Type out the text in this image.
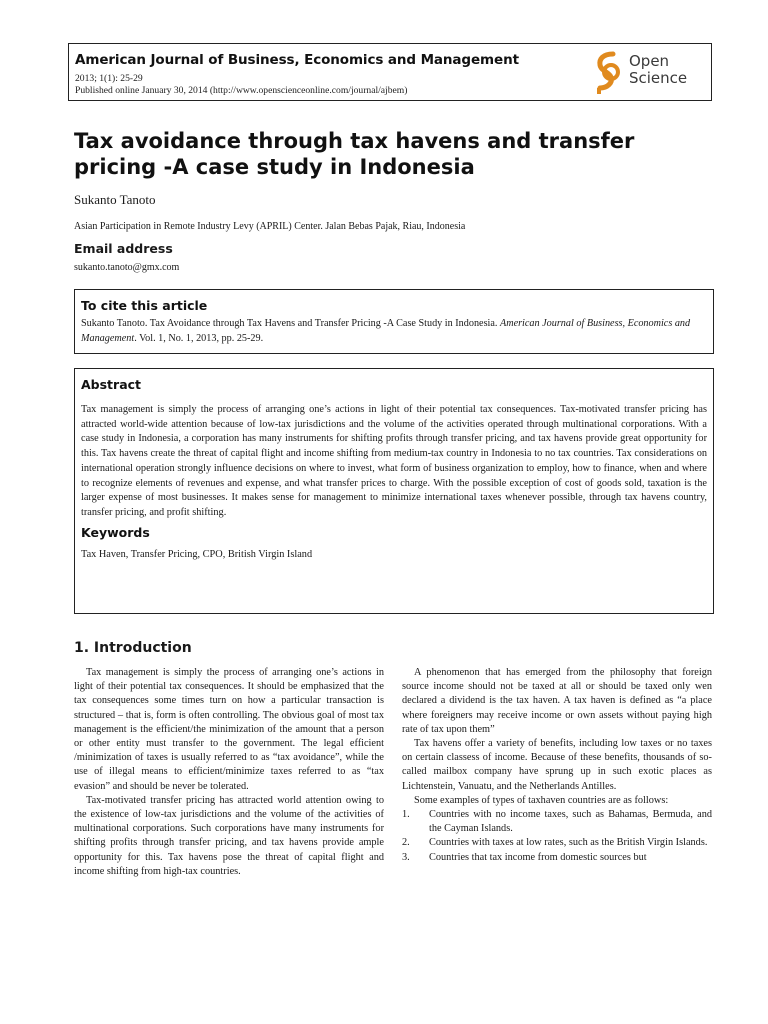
American Journal of Business, Economics and Management
2013; 1(1): 25-29
Published online January 30, 2014 (http://www.openscienceonline.com/journal/ajbem)
Open
Science
Tax avoidance through tax havens and transfer pricing -A case study in Indonesia
Sukanto Tanoto
Asian Participation in Remote Industry Levy (APRIL) Center. Jalan Bebas Pajak, Riau, Indonesia
Email address
sukanto.tanoto@gmx.com
To cite this article
Sukanto Tanoto. Tax Avoidance through Tax Havens and Transfer Pricing -A Case Study in Indonesia. American Journal of Business, Economics and Management. Vol. 1, No. 1, 2013, pp. 25-29.
Abstract
Tax management is simply the process of arranging one’s actions in light of their potential tax consequences. Tax-motivated transfer pricing has attracted world-wide attention because of low-tax jurisdictions and the volume of the activities operated through multinational corporations. With a case study in Indonesia, a corporation has many instruments for shifting profits through transfer pricing, and tax havens provide great opportunity for this. Tax havens create the threat of capital flight and income shifting from medium-tax country in Indonesia to no tax countries. Tax considerations on international operation strongly influence decisions on where to invest, what form of business organization to employ, how to finance, when and where to recognize elements of revenues and expense, and what transfer prices to charge. With the possible exception of cost of goods sold, taxation is the larger expense of most businesses. It makes sense for management to minimize international taxes whenever possible, through tax havens country, transfer pricing, and profit shifting.
Keywords
Tax Haven, Transfer Pricing, CPO, British Virgin Island
1. Introduction

Tax management is simply the process of arranging one’s actions in light of their potential tax consequences. It should be emphasized that the tax consequences some times turn on how a particular transaction is structured – that is, form is often controlling. The obvious goal of most tax management is the efficient/the minimization of the amount that a person or other entity must transfer to the government. The legal efficient /minimization of taxes is usually referred to as “tax avoidance”, while the use of illegal means to efficient/minimize taxes referred to as “tax evasion” and should be never be tolerated.

Tax-motivated transfer pricing has attracted world attention owing to the existence of low-tax jurisdictions and the volume of the activities of multinational corporations. Such corporations have many instruments for shifting profits through transfer pricing, and tax havens provide ample opportunity for this. Tax havens pose the threat of capital flight and income shifting from high-tax countries.

A phenomenon that has emerged from the philosophy that foreign source income should not be taxed at all or should be taxed only wen declared a dividend is the tax haven. A tax haven is defined as “a place where foreigners may receive income or own assets without paying high rate of tax upon them”

Tax havens offer a variety of benefits, including low taxes or no taxes on certain classess of income. Because of these benefits, thousands of so-called mailbox company have sprung up in such exotic places as Lichtenstein, Vanuatu, and the Netherlands Antilles.

Some examples of types of taxhaven countries are as follows:

1. Countries with no income taxes, such as Bahamas, Bermuda, and the Cayman Islands.
2. Countries with taxes at low rates, such as the British Virgin Islands.
3. Countries that tax income from domestic sources but
